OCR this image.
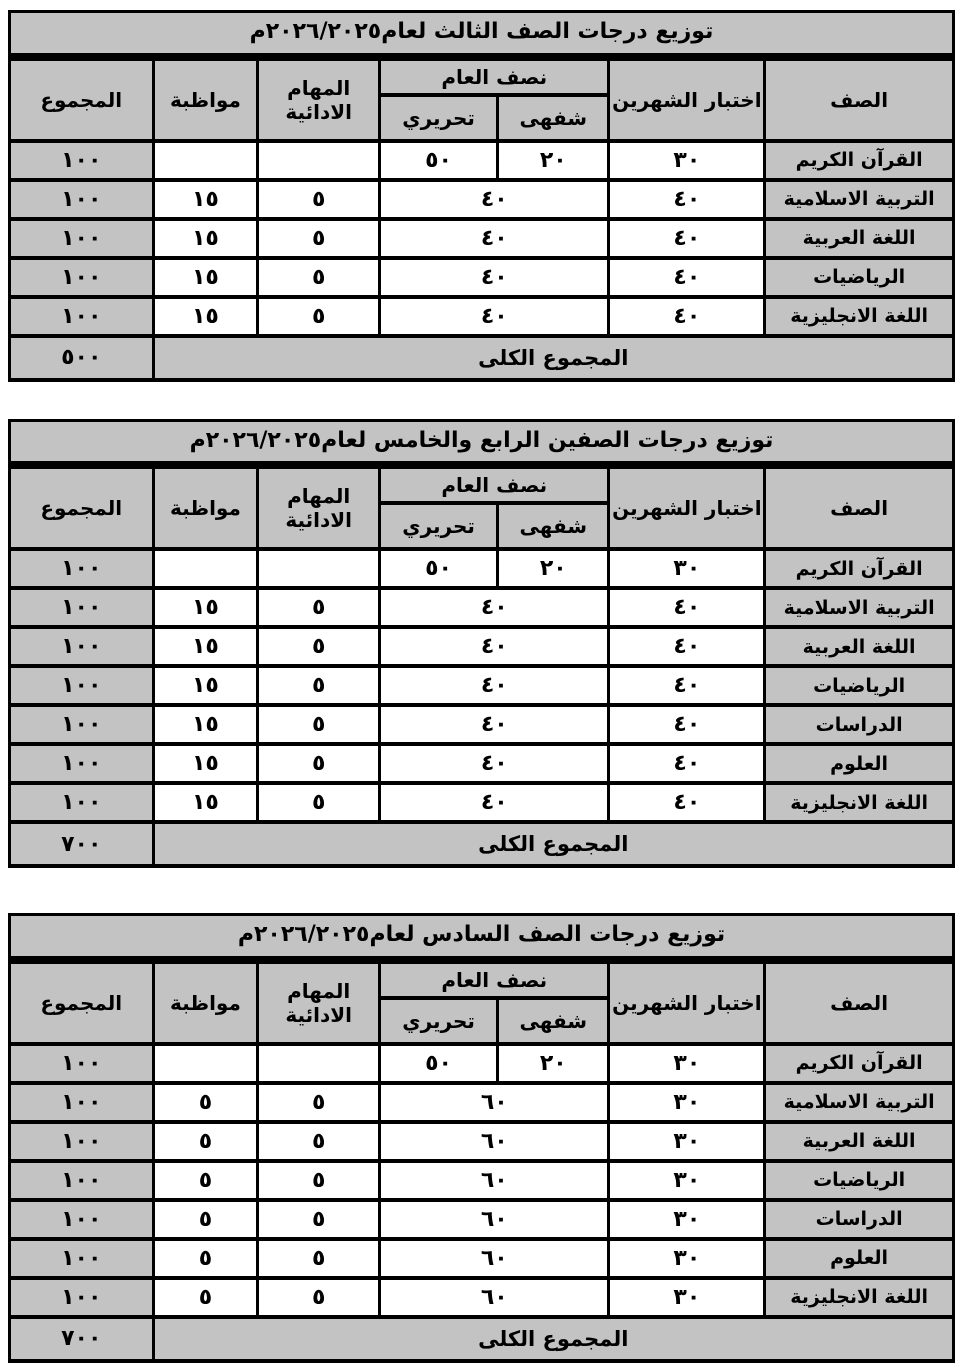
توزيع درجات الصف الثالث لعام٢٠٢٦/٢٠٢٥م
الصف	اختبار الشهرين	نصف العام		المهام الادائية	مواظبة	المجموع
		شفهى	تحريري			
القرآن الكريم	٣٠	٢٠	٥٠			١٠٠
التربية الاسلامية	٤٠	٤٠		٥	١٥	١٠٠
اللغة العربية	٤٠	٤٠		٥	١٥	١٠٠
الرياضيات	٤٠	٤٠		٥	١٥	١٠٠
اللغة الانجليزية	٤٠	٤٠		٥	١٥	١٠٠
المجموع الكلى						٥٠٠
توزيع درجات الصفين الرابع والخامس لعام٢٠٢٦/٢٠٢٥م
الصف	اختبار الشهرين	نصف العام		المهام الادائية	مواظبة	المجموع
		شفهى	تحريري			
القرآن الكريم	٣٠	٢٠	٥٠			١٠٠
التربية الاسلامية	٤٠	٤٠		٥	١٥	١٠٠
اللغة العربية	٤٠	٤٠		٥	١٥	١٠٠
الرياضيات	٤٠	٤٠		٥	١٥	١٠٠
الدراسات	٤٠	٤٠		٥	١٥	١٠٠
العلوم	٤٠	٤٠		٥	١٥	١٠٠
اللغة الانجليزية	٤٠	٤٠		٥	١٥	١٠٠
المجموع الكلى						٧٠٠
توزيع درجات الصف السادس لعام٢٠٢٦/٢٠٢٥م
الصف	اختبار الشهرين	نصف العام		المهام الادائية	مواظبة	المجموع
		شفهى	تحريري			
القرآن الكريم	٣٠	٢٠	٥٠			١٠٠
التربية الاسلامية	٣٠	٦٠		٥	٥	١٠٠
اللغة العربية	٣٠	٦٠		٥	٥	١٠٠
الرياضيات	٣٠	٦٠		٥	٥	١٠٠
الدراسات	٣٠	٦٠		٥	٥	١٠٠
العلوم	٣٠	٦٠		٥	٥	١٠٠
اللغة الانجليزية	٣٠	٦٠		٥	٥	١٠٠
المجموع الكلى						٧٠٠
